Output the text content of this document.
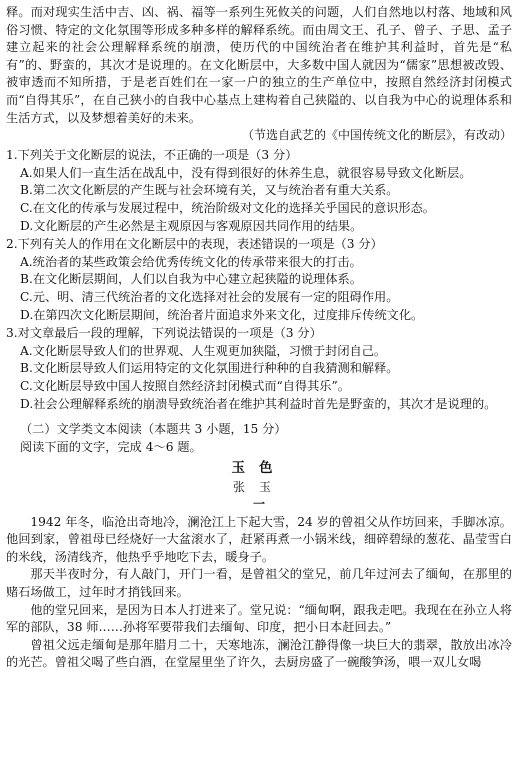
释。而对现实生活中吉、凶、祸、福等一系列生死攸关的问题，人们自然地以村落、地域和风俗习惯、特定的文化氛围等形成多种多样的解释系统。而由周文王、孔子、曾子、子思、孟子建立起来的社会公理解释系统的崩溃，使历代的中国统治者在维护其利益时，首先是“私有”的、野蛮的，其次才是说理的。在文化断层中，大多数中国人就因为“儒家”思想被改毁、被审透而不知所措，于是老百姓们在一家一户的独立的生产单位中，按照自然经济封闭模式而“自得其乐”，在自己狭小的自我中心基点上建构着自己狭隘的、以自我为中心的说理体系和生活方式，以及梦想着美好的未来。

（节选自武艺的《中国传统文化的断层》，有改动）

1.下列关于文化断层的说法，不正确的一项是（3 分）

A.如果人们一直生活在战乱中，没有得到很好的休养生息，就很容易导致文化断层。

B.第二次文化断层的产生既与社会环境有关，又与统治者有重大关系。

C.在文化的传承与发展过程中，统治阶级对文化的选择关乎国民的意识形态。

D.文化断层的产生必然是主观原因与客观原因共同作用的结果。

2.下列有关人的作用在文化断层中的表现，表述错误的一项是（3 分）

A.统治者的某些政策会给优秀传统文化的传承带来很大的打击。

B.在文化断层期间，人们以自我为中心建立起狭隘的说理体系。

C.元、明、清三代统治者的文化选择对社会的发展有一定的阻碍作用。

D.在第四次文化断层期间，统治者片面追求外来文化，过度排斥传统文化。

3.对文章最后一段的理解，下列说法错误的一项是（3 分）

A.文化断层导致人们的世界观、人生观更加狭隘，习惯于封闭自己。

B.文化断层导致人们运用特定的文化氛围进行种种的自我猜测和解释。

C.文化断层导致中国人按照自然经济封闭模式而“自得其乐”。

D.社会公理解释系统的崩溃导致统治者在维护其利益时首先是野蛮的，其次才是说理的。

（二）文学类文本阅读（本题共 3 小题，15 分）

阅读下面的文字，完成 4～6 题。

玉色

张玉

一

1942 年冬，临沧出奇地冷，澜沧江上下起大雪，24 岁的曾祖父从作坊回来，手脚冰凉。他回到家，曾祖母已经烧好一大盆滚水了，赶紧再煮一小锅米线，细碎碧绿的葱花、晶莹雪白的米线，汤清线齐，他热乎乎地吃下去，暖身子。

那天半夜时分，有人敲门，开门一看，是曾祖父的堂兄，前几年过河去了缅甸，在那里的赌石场做工，过年时才捎钱回来。

他的堂兄回来，是因为日本人打进来了。堂兄说：“缅甸啊，跟我走吧。我现在在孙立人将军的部队，38 师……孙将军要带我们去缅甸、印度，把小日本赶回去。”

曾祖父远走缅甸是那年腊月二十，天寒地冻，澜沧江静得像一块巨大的翡翠，散放出冰冷的光芒。曾祖父喝了些白酒，在堂屋里坐了许久，去厨房盛了一碗酸笋汤，喂一双儿女喝
